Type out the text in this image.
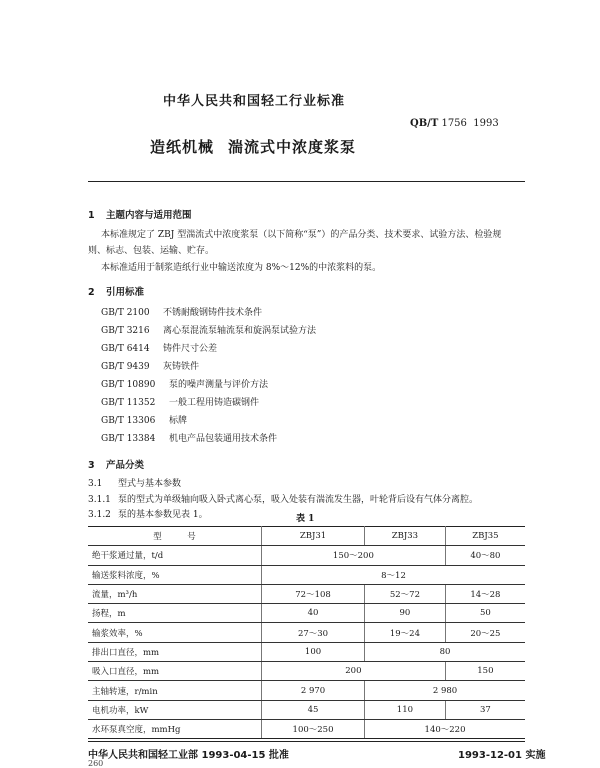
中华人民共和国轻工行业标准
QB/T 1756 1993
造纸机械 湍流式中浓度浆泵
1 主题内容与适用范围
本标准规定了 ZBJ 型湍流式中浓度浆泵（以下简称“泵”）的产品分类、技术要求、试验方法、检验规
则、标志、包装、运输、贮存。
本标准适用于制浆造纸行业中输送浓度为 8%～12%的中浓浆料的泵。
2 引用标准
GB/T 2100 不锈耐酸钢铸件技术条件
GB/T 3216 离心泵混流泵轴流泵和旋涡泵试验方法
GB/T 6414 铸件尺寸公差
GB/T 9439 灰铸铁件
GB/T 10890 泵的噪声测量与评价方法
GB/T 11352 一般工程用铸造碳钢件
GB/T 13306 标牌
GB/T 13384 机电产品包装通用技术条件
3 产品分类
3.1 型式与基本参数
3.1.1 泵的型式为单级轴向吸入卧式离心泵，吸入处装有湍流发生器，叶轮背后设有气体分离腔。
3.1.2 泵的基本参数见表 1。	表 1
型　　　号	ZBJ31	ZBJ33	ZBJ35
绝干浆通过量，t/d	150～200		40～80
输送浆料浓度，%	8～12		
流量，m³/h	72～108	52～72	14～28
扬程，m	40	90	50
输浆效率，%	27～30	19～24	20～25
排出口直径，mm	100	80	
吸入口直径，mm	200		150
主轴转速，r/min	2 970	2 980	
电机功率，kW	45	110	37
水环泵真空度，mmHg	100～250	140～220	
中华人民共和国轻工业部 1993-04-15 批准	1993-12-01 实施
260
